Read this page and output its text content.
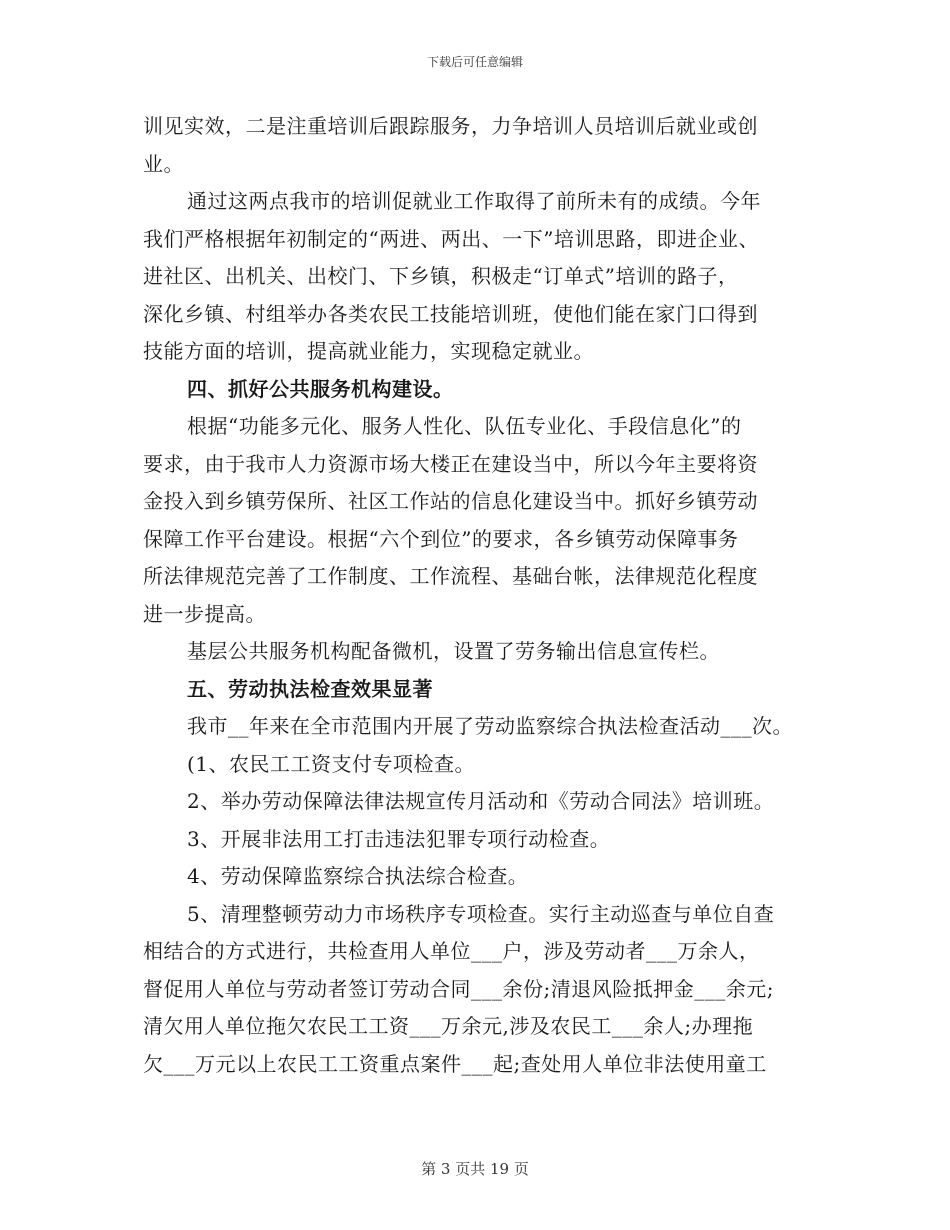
下载后可任意编辑
训见实效，二是注重培训后跟踪服务，力争培训人员培训后就业或创
业。
通过这两点我市的培训促就业工作取得了前所未有的成绩。今年
我们严格根据年初制定的“两进、两出、一下”培训思路，即进企业、
进社区、出机关、出校门、下乡镇，积极走“订单式”培训的路子，
深化乡镇、村组举办各类农民工技能培训班，使他们能在家门口得到
技能方面的培训，提高就业能力，实现稳定就业。
四、抓好公共服务机构建设。
根据“功能多元化、服务人性化、队伍专业化、手段信息化”的
要求，由于我市人力资源市场大楼正在建设当中，所以今年主要将资
金投入到乡镇劳保所、社区工作站的信息化建设当中。抓好乡镇劳动
保障工作平台建设。根据“六个到位”的要求，各乡镇劳动保障事务
所法律规范完善了工作制度、工作流程、基础台帐，法律规范化程度
进一步提高。
基层公共服务机构配备微机，设置了劳务输出信息宣传栏。
五、劳动执法检查效果显著
我市__年来在全市范围内开展了劳动监察综合执法检查活动___次。
(1、农民工工资支付专项检查。
2、举办劳动保障法律法规宣传月活动和《劳动合同法》培训班。
3、开展非法用工打击违法犯罪专项行动检查。
4、劳动保障监察综合执法综合检查。
5、清理整顿劳动力市场秩序专项检查。实行主动巡查与单位自查
相结合的方式进行，共检查用人单位___户，涉及劳动者___万余人，
督促用人单位与劳动者签订劳动合同___余份;清退风险抵押金___余元;
清欠用人单位拖欠农民工工资___万余元,涉及农民工___余人;办理拖
欠___万元以上农民工工资重点案件___起;查处用人单位非法使用童工
第 3 页共 19 页
